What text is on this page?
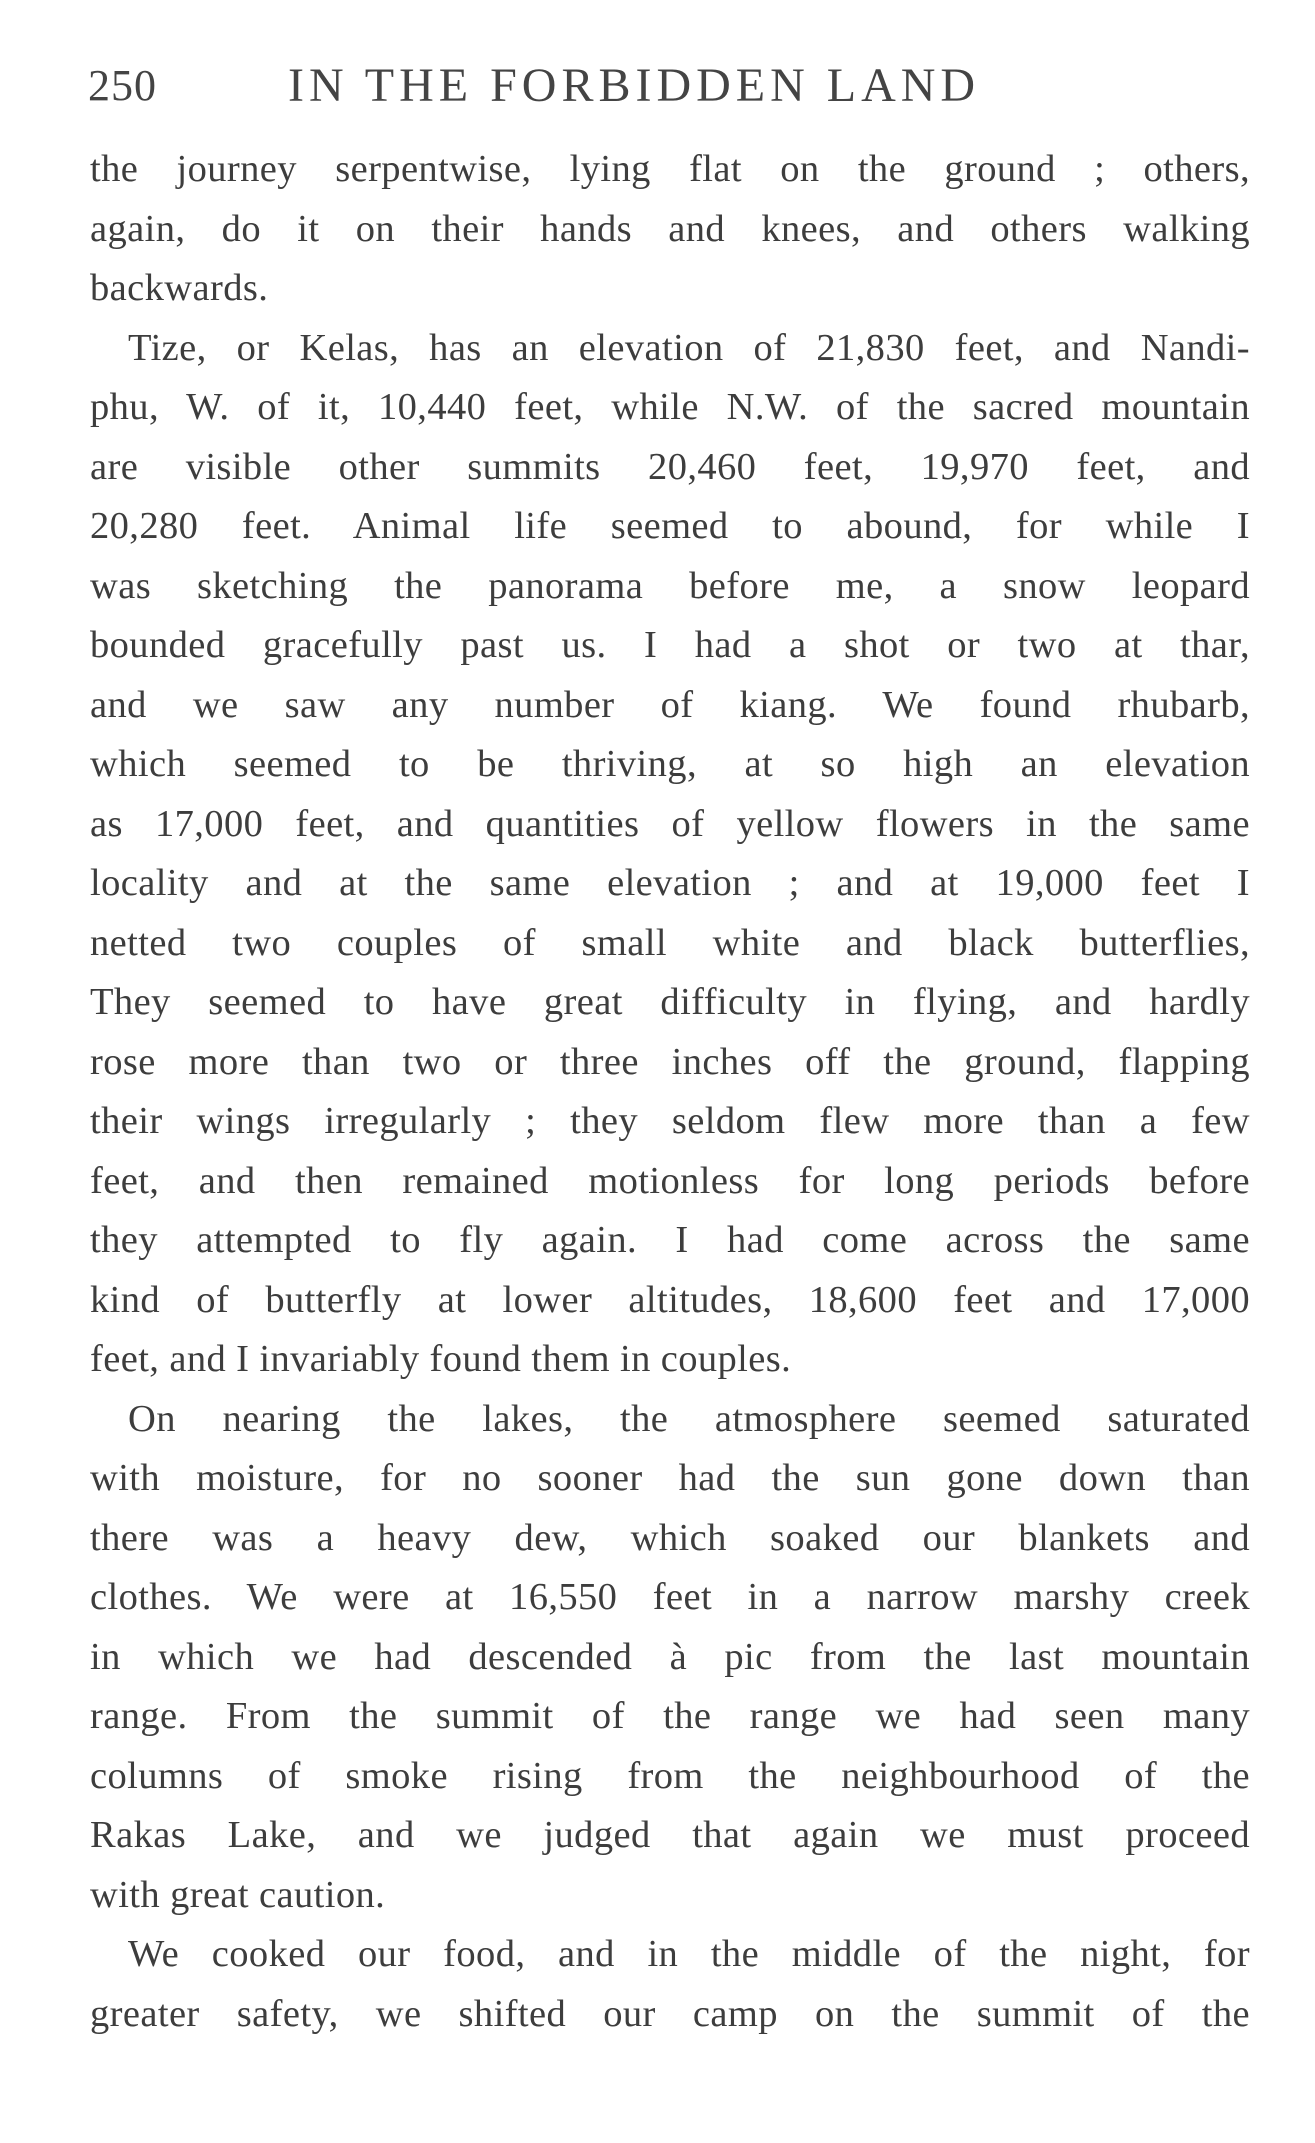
250	IN THE FORBIDDEN LAND
the journey serpentwise, lying flat on the ground ; others,
again, do it on their hands and knees, and others walking
backwards.
Tize, or Kelas, has an elevation of 21,830 feet, and Nandi-
phu, W. of it, 10,440 feet, while N.W. of the sacred mountain
are visible other summits 20,460 feet, 19,970 feet, and
20,280 feet. Animal life seemed to abound, for while I
was sketching the panorama before me, a snow leopard
bounded gracefully past us. I had a shot or two at thar,
and we saw any number of kiang. We found rhubarb,
which seemed to be thriving, at so high an elevation
as 17,000 feet, and quantities of yellow flowers in the same
locality and at the same elevation ; and at 19,000 feet I
netted two couples of small white and black butterflies,
They seemed to have great difficulty in flying, and hardly
rose more than two or three inches off the ground, flapping
their wings irregularly ; they seldom flew more than a few
feet, and then remained motionless for long periods before
they attempted to fly again. I had come across the same
kind of butterfly at lower altitudes, 18,600 feet and 17,000
feet, and I invariably found them in couples.
On nearing the lakes, the atmosphere seemed saturated
with moisture, for no sooner had the sun gone down than
there was a heavy dew, which soaked our blankets and
clothes. We were at 16,550 feet in a narrow marshy creek
in which we had descended à pic from the last mountain
range. From the summit of the range we had seen many
columns of smoke rising from the neighbourhood of the
Rakas Lake, and we judged that again we must proceed
with great caution.
We cooked our food, and in the middle of the night, for
greater safety, we shifted our camp on the summit of the
